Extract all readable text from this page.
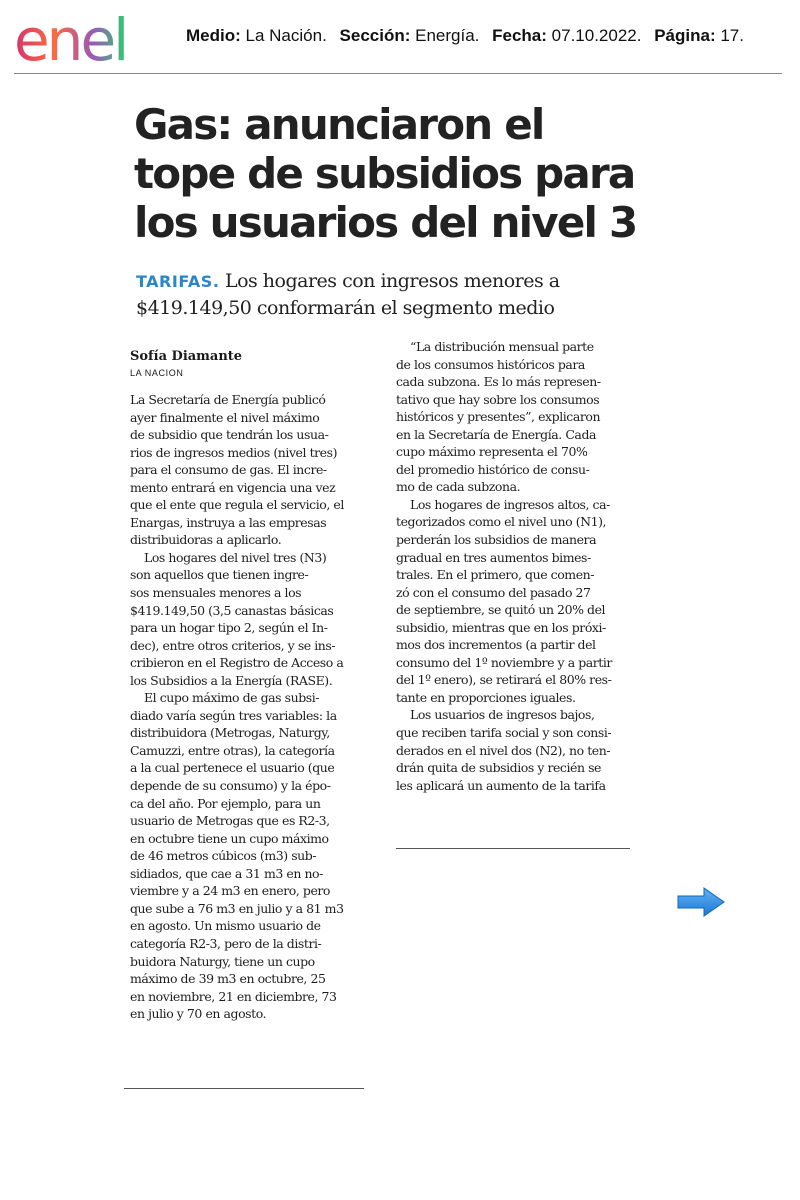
enel	Medio: La Nación. Sección: Energía. Fecha: 07.10.2022. Página: 17.
Gas: anunciaron el
tope de subsidios para
los usuarios del nivel 3
TARIFAS. Los hogares con ingresos menores a
$419.149,50 conformarán el segmento medio
Sofía Diamante
LA NACION
La Secretaría de Energía publicó
ayer finalmente el nivel máximo
de subsidio que tendrán los usua-
rios de ingresos medios (nivel tres)
para el consumo de gas. El incre-
mento entrará en vigencia una vez
que el ente que regula el servicio, el
Enargas, instruya a las empresas
distribuidoras a aplicarlo.
Los hogares del nivel tres (N3)
son aquellos que tienen ingre-
sos mensuales menores a los
$419.149,50 (3,5 canastas básicas
para un hogar tipo 2, según el In-
dec), entre otros criterios, y se ins-
cribieron en el Registro de Acceso a
los Subsidios a la Energía (RASE).
El cupo máximo de gas subsi-
diado varía según tres variables: la
distribuidora (Metrogas, Naturgy,
Camuzzi, entre otras), la categoría
a la cual pertenece el usuario (que
depende de su consumo) y la épo-
ca del año. Por ejemplo, para un
usuario de Metrogas que es R2-3,
en octubre tiene un cupo máximo
de 46 metros cúbicos (m3) sub-
sidiados, que cae a 31 m3 en no-
viembre y a 24 m3 en enero, pero
que sube a 76 m3 en julio y a 81 m3
en agosto. Un mismo usuario de
categoría R2-3, pero de la distri-
buidora Naturgy, tiene un cupo
máximo de 39 m3 en octubre, 25
en noviembre, 21 en diciembre, 73
en julio y 70 en agosto.
“La distribución mensual parte
de los consumos históricos para
cada subzona. Es lo más represen-
tativo que hay sobre los consumos
históricos y presentes”, explicaron
en la Secretaría de Energía. Cada
cupo máximo representa el 70%
del promedio histórico de consu-
mo de cada subzona.
Los hogares de ingresos altos, ca-
tegorizados como el nivel uno (N1),
perderán los subsidios de manera
gradual en tres aumentos bimes-
trales. En el primero, que comen-
zó con el consumo del pasado 27
de septiembre, se quitó un 20% del
subsidio, mientras que en los próxi-
mos dos incrementos (a partir del
consumo del 1º noviembre y a partir
del 1º enero), se retirará el 80% res-
tante en proporciones iguales.
Los usuarios de ingresos bajos,
que reciben tarifa social y son consi-
derados en el nivel dos (N2), no ten-
drán quita de subsidios y recién se
les aplicará un aumento de la tarifa
